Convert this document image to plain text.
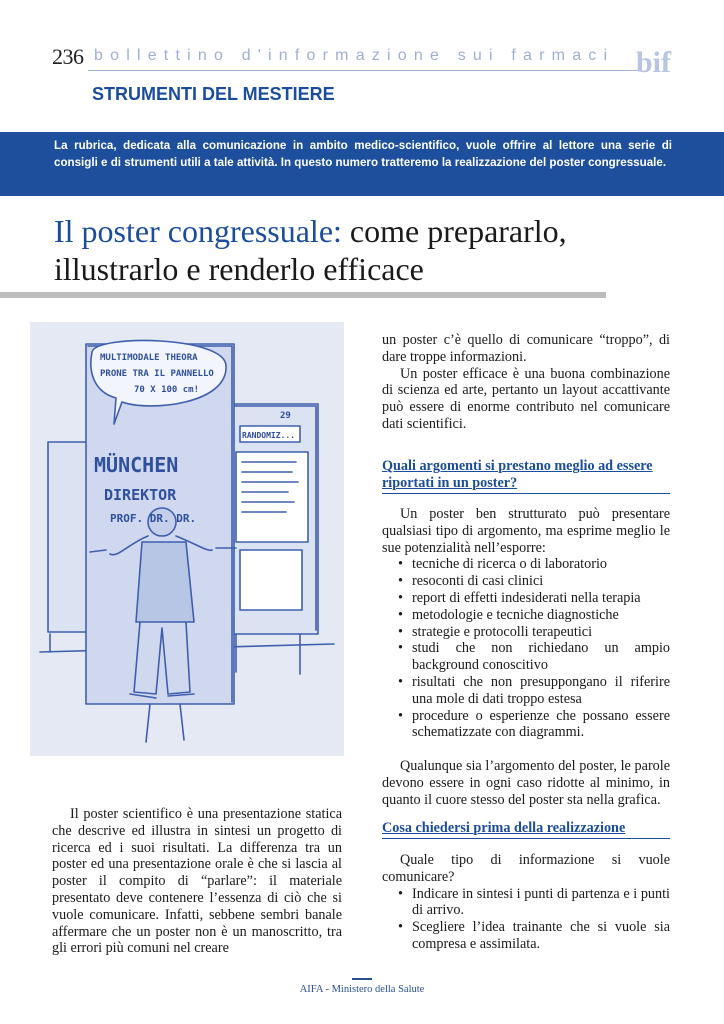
236 bollettino d'informazione sui farmaci bif
STRUMENTI DEL MESTIERE
La rubrica, dedicata alla comunicazione in ambito medico-scientifico, vuole offrire al lettore una serie di consigli e di strumenti utili a tale attività. In questo numero tratteremo la realizzazione del poster congressuale.
Il poster congressuale: come prepararlo, illustrarlo e renderlo efficace
MULTIMODALE THEORA
PRONE TRA IL PANNELLO
70 X 100 cm!
MÜNCHEN
DIREKTOR
PROF. DR. DR.
29
RANDOMIZ...

Il poster scientifico è una presentazione statica che descrive ed illustra in sintesi un progetto di ricerca ed i suoi risultati. La differenza tra un poster ed una presentazione orale è che si lascia al poster il compito di “parlare”: il materiale presentato deve contenere l’essenza di ciò che si vuole comunicare. Infatti, sebbene sembri banale affermare che un poster non è un manoscritto, tra gli errori più comuni nel creare

un poster c’è quello di comunicare “troppo”, di dare troppe informazioni.

Un poster efficace è una buona combinazione di scienza ed arte, pertanto un layout accattivante può essere di enorme contributo nel comunicare dati scientifici.

Quali argomenti si prestano meglio ad essere riportati in un poster?

Un poster ben strutturato può presentare qualsiasi tipo di argomento, ma esprime meglio le sue potenzialità nell’esporre:

• tecniche di ricerca o di laboratorio
• resoconti di casi clinici
• report di effetti indesiderati nella terapia
• metodologie e tecniche diagnostiche
• strategie e protocolli terapeutici
• studi che non richiedano un ampio background conoscitivo
• risultati che non presuppongano il riferire una mole di dati troppo estesa
• procedure o esperienze che possano essere schematizzate con diagrammi.

Qualunque sia l’argomento del poster, le parole devono essere in ogni caso ridotte al minimo, in quanto il cuore stesso del poster sta nella grafica.

Cosa chiedersi prima della realizzazione

Quale tipo di informazione si vuole comunicare?

• Indicare in sintesi i punti di partenza e i punti di arrivo.
• Scegliere l’idea trainante che si vuole sia compresa e assimilata.
AIFA - Ministero della Salute
